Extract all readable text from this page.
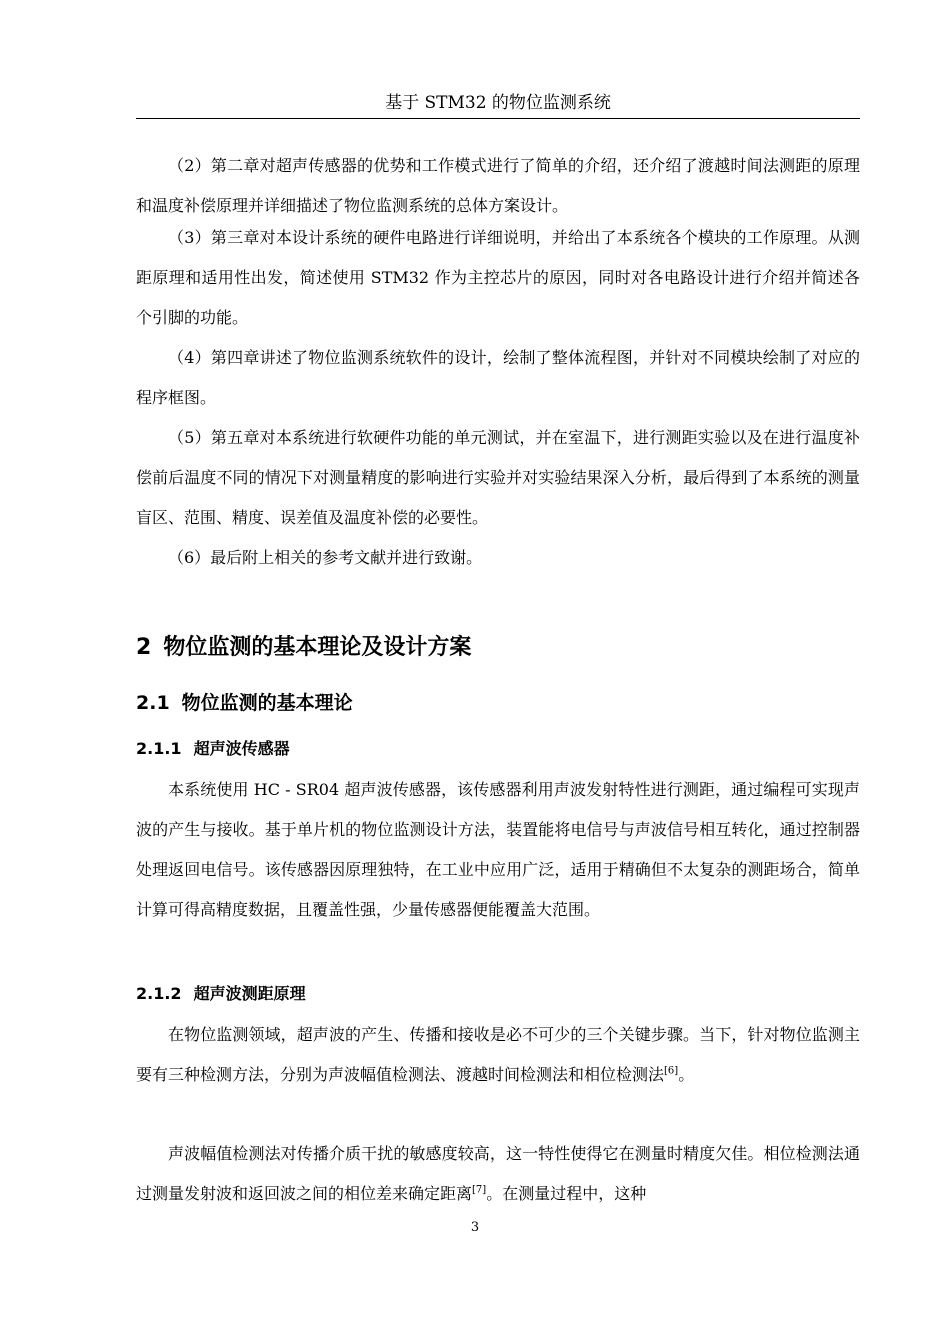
基于 STM32 的物位监测系统

（2）第二章对超声传感器的优势和工作模式进行了简单的介绍，还介绍了渡越时间法测距的原理和温度补偿原理并详细描述了物位监测系统的总体方案设计。

（3）第三章对本设计系统的硬件电路进行详细说明，并给出了本系统各个模块的工作原理。从测距原理和适用性出发，简述使用 STM32 作为主控芯片的原因，同时对各电路设计进行介绍并简述各个引脚的功能。

（4）第四章讲述了物位监测系统软件的设计，绘制了整体流程图，并针对不同模块绘制了对应的程序框图。

（5）第五章对本系统进行软硬件功能的单元测试，并在室温下，进行测距实验以及在进行温度补偿前后温度不同的情况下对测量精度的影响进行实验并对实验结果深入分析，最后得到了本系统的测量盲区、范围、精度、误差值及温度补偿的必要性。

（6）最后附上相关的参考文献并进行致谢。

2 物位监测的基本理论及设计方案
2.1 物位监测的基本理论
2.1.1 超声波传感器

本系统使用 HC - SR04 超声波传感器，该传感器利用声波发射特性进行测距，通过编程可实现声波的产生与接收。基于单片机的物位监测设计方法，装置能将电信号与声波信号相互转化，通过控制器处理返回电信号。该传感器因原理独特，在工业中应用广泛，适用于精确但不太复杂的测距场合，简单计算可得高精度数据，且覆盖性强，少量传感器便能覆盖大范围。

2.1.2 超声波测距原理

在物位监测领域，超声波的产生、传播和接收是必不可少的三个关键步骤。当下，针对物位监测主要有三种检测方法，分别为声波幅值检测法、渡越时间检测法和相位检测法[6]。

声波幅值检测法对传播介质干扰的敏感度较高，这一特性使得它在测量时精度欠佳。相位检测法通过测量发射波和返回波之间的相位差来确定距离[7]。在测量过程中，这种

3
